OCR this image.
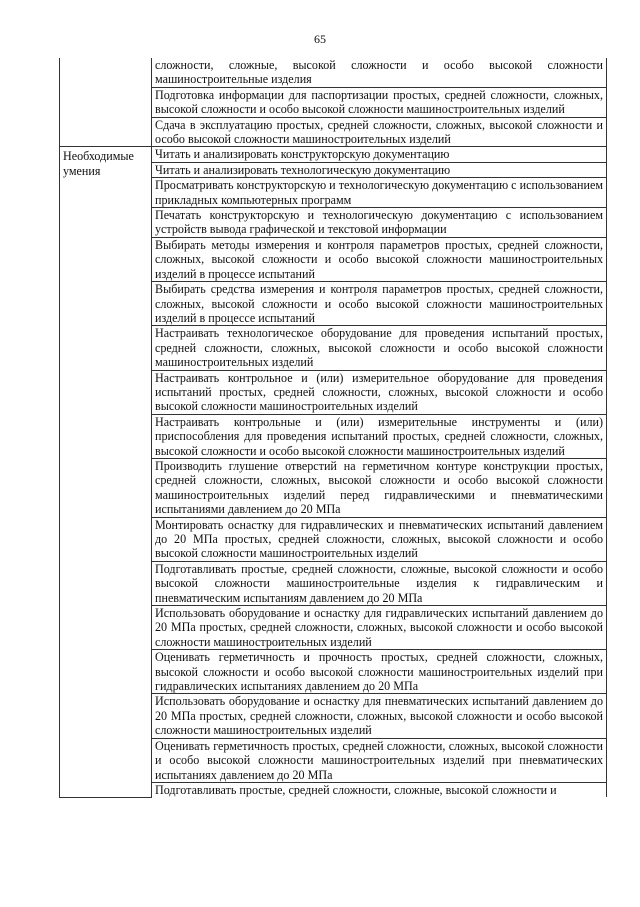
65
	сложности, сложные, высокой сложности и особо высокой сложности машиностроительные изделия
	Подготовка информации для паспортизации простых, средней сложности, сложных, высокой сложности и особо высокой сложности машиностроительных изделий
	Сдача в эксплуатацию простых, средней сложности, сложных, высокой сложности и особо высокой сложности машиностроительных изделий
Необходимые умения	Читать и анализировать конструкторскую документацию
	Читать и анализировать технологическую документацию
	Просматривать конструкторскую и технологическую документацию с использованием прикладных компьютерных программ
	Печатать конструкторскую и технологическую документацию с использованием устройств вывода графической и текстовой информации
	Выбирать методы измерения и контроля параметров простых, средней сложности, сложных, высокой сложности и особо высокой сложности машиностроительных изделий в процессе испытаний
	Выбирать средства измерения и контроля параметров простых, средней сложности, сложных, высокой сложности и особо высокой сложности машиностроительных изделий в процессе испытаний
	Настраивать технологическое оборудование для проведения испытаний простых, средней сложности, сложных, высокой сложности и особо высокой сложности машиностроительных изделий
	Настраивать контрольное и (или) измерительное оборудование для проведения испытаний простых, средней сложности, сложных, высокой сложности и особо высокой сложности машиностроительных изделий
	Настраивать контрольные и (или) измерительные инструменты и (или) приспособления для проведения испытаний простых, средней сложности, сложных, высокой сложности и особо высокой сложности машиностроительных изделий
	Производить глушение отверстий на герметичном контуре конструкции простых, средней сложности, сложных, высокой сложности и особо высокой сложности машиностроительных изделий перед гидравлическими и пневматическими испытаниями давлением до 20 МПа
	Монтировать оснастку для гидравлических и пневматических испытаний давлением до 20 МПа простых, средней сложности, сложных, высокой сложности и особо высокой сложности машиностроительных изделий
	Подготавливать простые, средней сложности, сложные, высокой сложности и особо высокой сложности машиностроительные изделия к гидравлическим и пневматическим испытаниям давлением до 20 МПа
	Использовать оборудование и оснастку для гидравлических испытаний давлением до 20 МПа простых, средней сложности, сложных, высокой сложности и особо высокой сложности машиностроительных изделий
	Оценивать герметичность и прочность простых, средней сложности, сложных, высокой сложности и особо высокой сложности машиностроительных изделий при гидравлических испытаниях давлением до 20 МПа
	Использовать оборудование и оснастку для пневматических испытаний давлением до 20 МПа простых, средней сложности, сложных, высокой сложности и особо высокой сложности машиностроительных изделий
	Оценивать герметичность простых, средней сложности, сложных, высокой сложности и особо высокой сложности машиностроительных изделий при пневматических испытаниях давлением до 20 МПа
	Подготавливать простые, средней сложности, сложные, высокой сложности и
